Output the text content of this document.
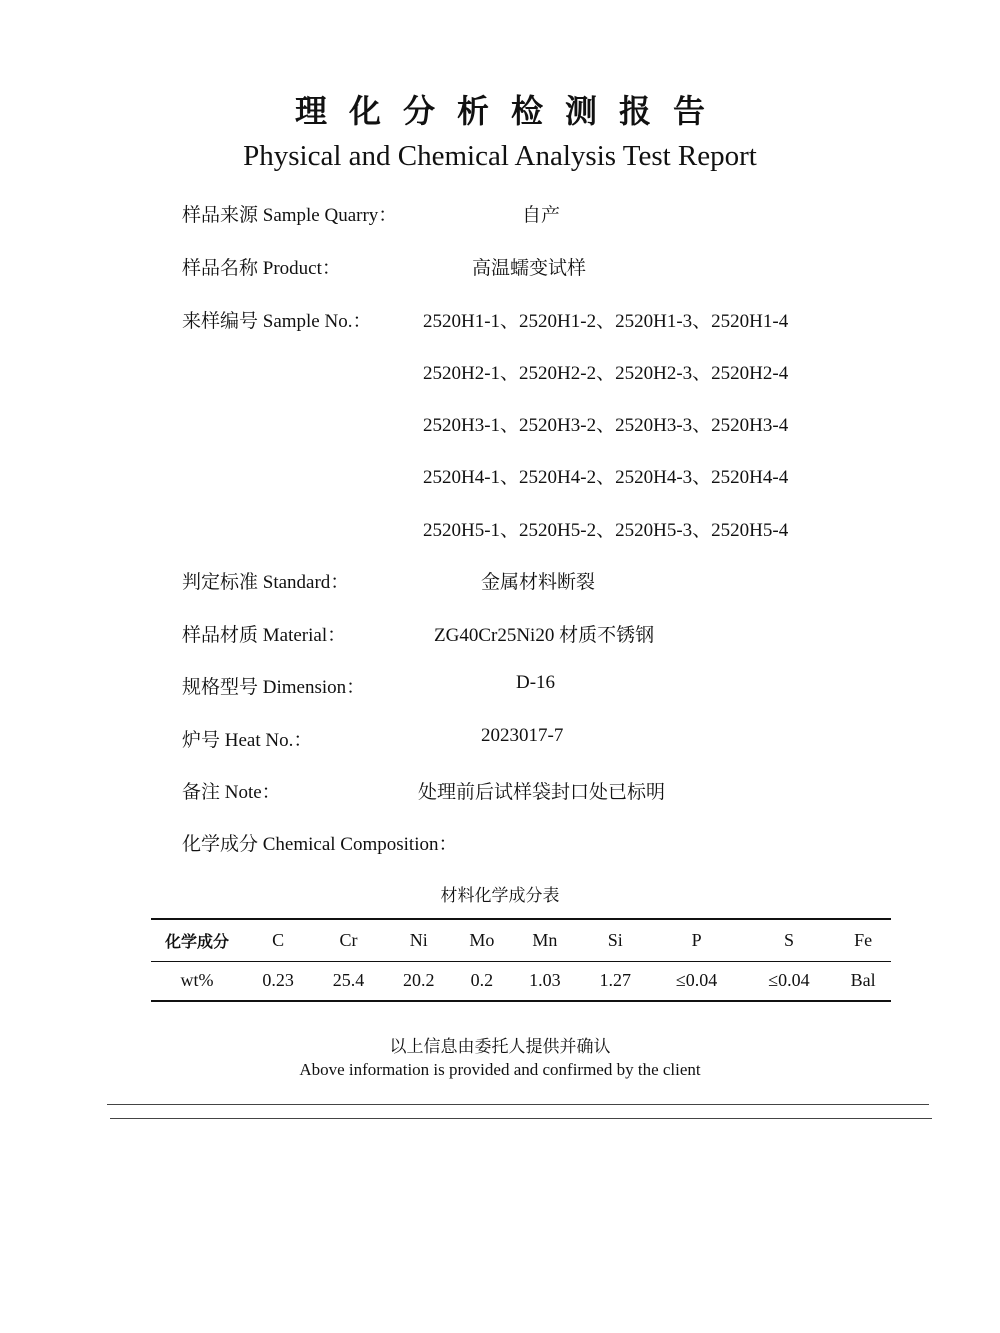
理化分析检测报告
Physical and Chemical Analysis Test Report
样品来源 Sample Quarry：	自产
样品名称 Product：	高温蠕变试样
来样编号 Sample No.：	2520H1-1、2520H1-2、2520H1-3、2520H1-4
2520H2-1、2520H2-2、2520H2-3、2520H2-4
2520H3-1、2520H3-2、2520H3-3、2520H3-4
2520H4-1、2520H4-2、2520H4-3、2520H4-4
2520H5-1、2520H5-2、2520H5-3、2520H5-4
判定标准 Standard：	金属材料断裂
样品材质 Material：	ZG40Cr25Ni20 材质不锈钢
规格型号 Dimension：	D-16
炉号 Heat No.：	2023017-7
备注 Note：	处理前后试样袋封口处已标明
化学成分 Chemical Composition：
材料化学成分表
化学成分	C	Cr	Ni	Mo	Mn	Si	P	S	Fe
wt%	0.23	25.4	20.2	0.2	1.03	1.27	≤0.04	≤0.04	Bal
以上信息由委托人提供并确认
Above information is provided and confirmed by the client
